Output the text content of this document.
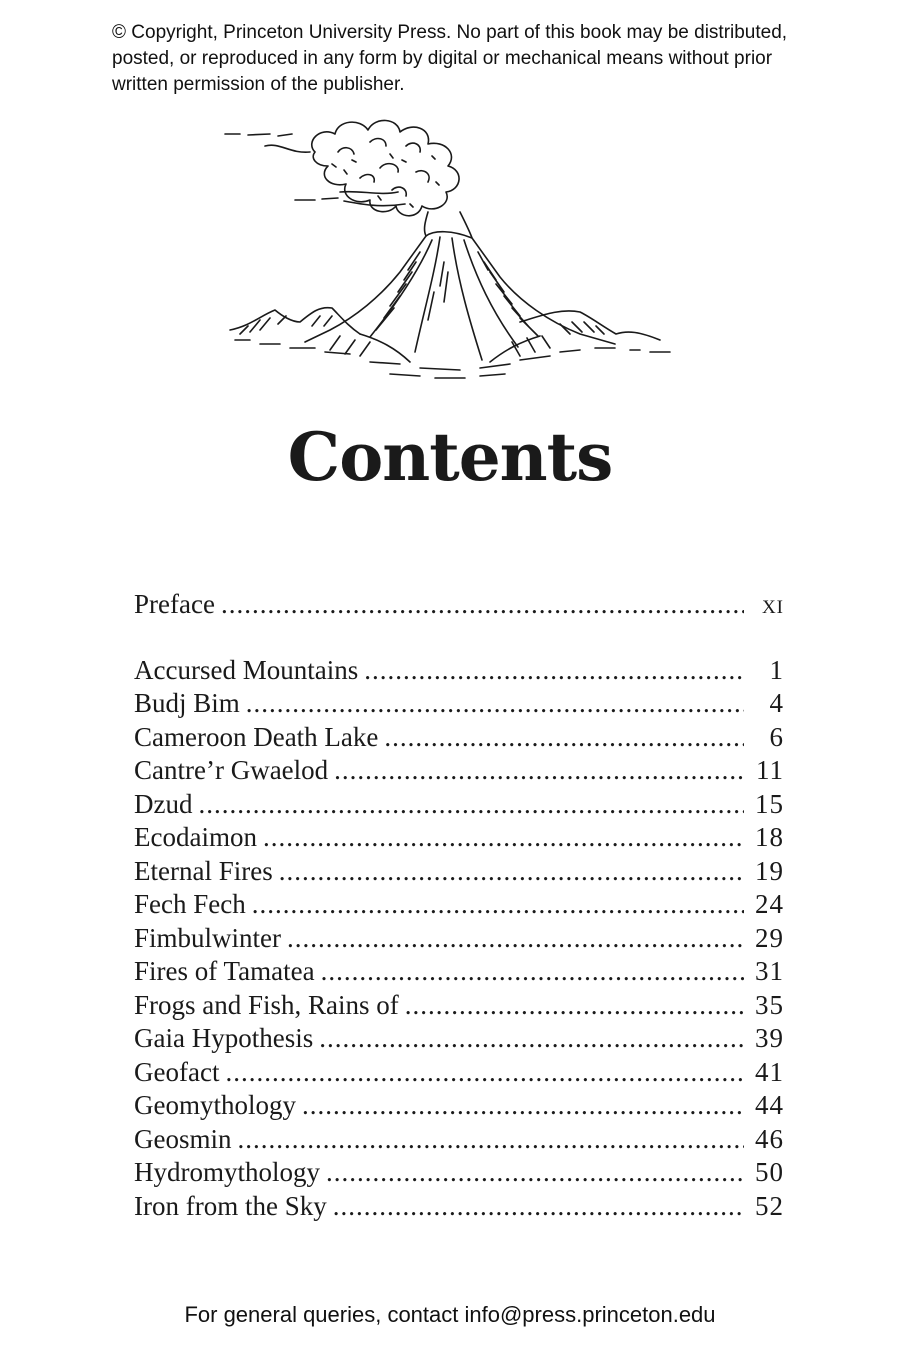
© Copyright, Princeton University Press. No part of this book may be distributed, posted, or reproduced in any form by digital or mechanical means without prior written permission of the publisher.
Contents
Preface .....	xi
Accursed Mountains .....	1
Budj Bim .....	4
Cameroon Death Lake .....	6
Cantre’r Gwaelod .....	11
Dzud .....	15
Ecodaimon .....	18
Eternal Fires .....	19
Fech Fech .....	24
Fimbulwinter .....	29
Fires of Tamatea .....	31
Frogs and Fish, Rains of .....	35
Gaia Hypothesis .....	39
Geofact .....	41
Geomythology .....	44
Geosmin .....	46
Hydromythology .....	50
Iron from the Sky .....	52
For general queries, contact info@press.princeton.edu
